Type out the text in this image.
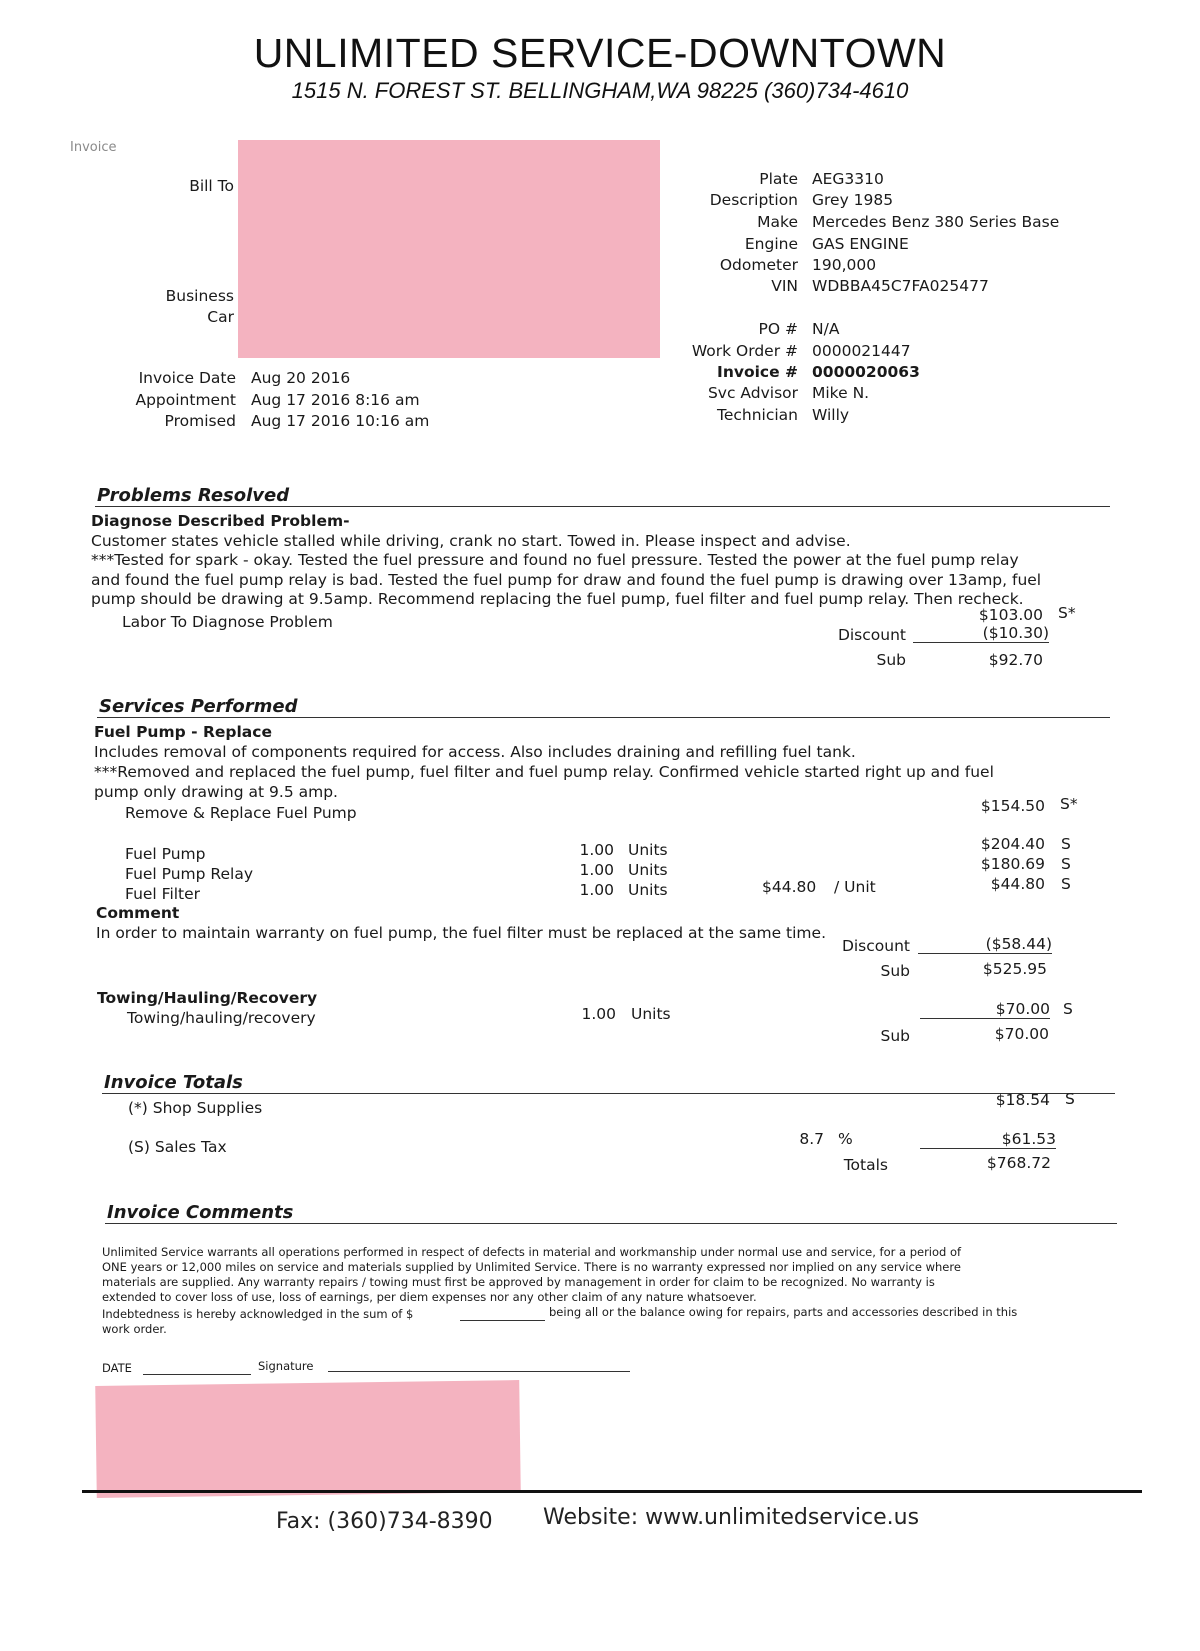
UNLIMITED SERVICE-DOWNTOWN
1515 N. FOREST ST. BELLINGHAM,WA 98225 (360)734-4610
Invoice
Bill To
Business
Car
Plate AEG3310
Description Grey 1985
Make Mercedes Benz 380 Series Base
Engine GAS ENGINE
Odometer 190,000
VIN WDBBA45C7FA025477
PO # N/A
Work Order # 0000021447
Invoice # 0000020063
Svc Advisor Mike N.
Technician Willy
Invoice Date Aug 20 2016
Appointment Aug 17 2016 8:16 am
Promised Aug 17 2016 10:16 am
Problems Resolved
Diagnose Described Problem-
Customer states vehicle stalled while driving, crank no start. Towed in. Please inspect and advise.
***Tested for spark - okay. Tested the fuel pressure and found no fuel pressure. Tested the power at the fuel pump relay
and found the fuel pump relay is bad. Tested the fuel pump for draw and found the fuel pump is drawing over 13amp, fuel
pump should be drawing at 9.5amp. Recommend replacing the fuel pump, fuel filter and fuel pump relay. Then recheck.
Labor To Diagnose Problem	$103.00 S*
Discount	($10.30)
Sub	$92.70
Services Performed
Fuel Pump - Replace
Includes removal of components required for access. Also includes draining and refilling fuel tank.
***Removed and replaced the fuel pump, fuel filter and fuel pump relay. Confirmed vehicle started right up and fuel
pump only drawing at 9.5 amp.
Remove & Replace Fuel Pump	$154.50 S*
Fuel Pump	1.00 Units	$204.40 S
Fuel Pump Relay	1.00 Units	$180.69 S
Fuel Filter	1.00 Units	$44.80 / Unit	$44.80 S
Comment
In order to maintain warranty on fuel pump, the fuel filter must be replaced at the same time.
Discount	($58.44)
Sub	$525.95
Towing/Hauling/Recovery
Towing/hauling/recovery	1.00 Units	$70.00 S
Sub	$70.00
Invoice Totals
(*) Shop Supplies	$18.54 S
(S) Sales Tax	8.7 %	$61.53
Totals	$768.72
Invoice Comments
Unlimited Service warrants all operations performed in respect of defects in material and workmanship under normal use and service, for a period of
ONE years or 12,000 miles on service and materials supplied by Unlimited Service. There is no warranty expressed nor implied on any service where
materials are supplied. Any warranty repairs / towing must first be approved by management in order for claim to be recognized. No warranty is
extended to cover loss of use, loss of earnings, per diem expenses nor any other claim of any nature whatsoever.
Indebtedness is hereby acknowledged in the sum of $	being all or the balance owing for repairs, parts and accessories described in this
work order.
DATE	Signature
Fax: (360)734-8390 Website: www.unlimitedservice.us
